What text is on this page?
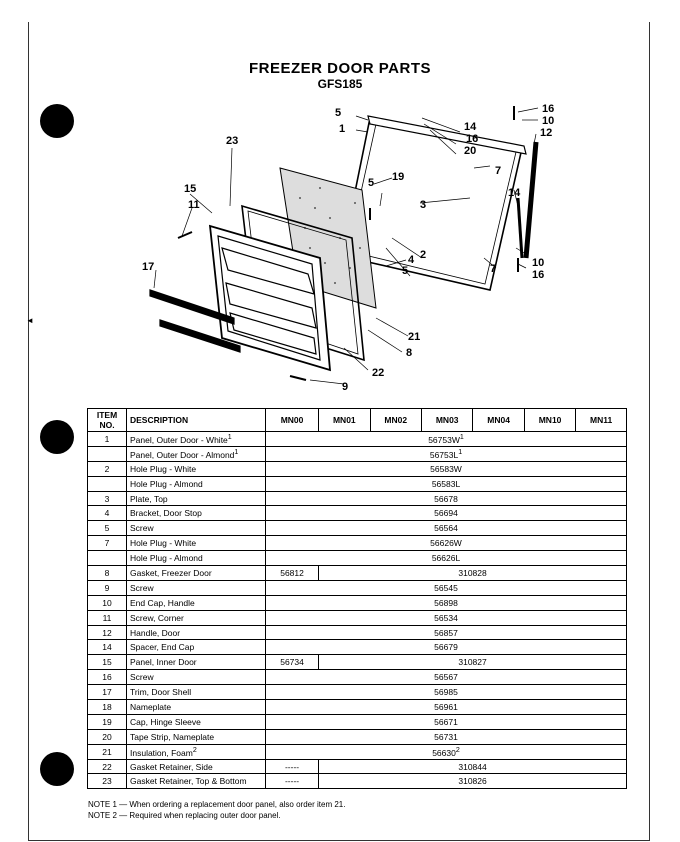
◄
FREEZER DOOR PARTS
GFS185
23
15
11
17
5
1
5 19
3
2
4
5
7
7
21
8
22
9
14
16
20
16
10
12
14
10
16
ITEM NO.	DESCRIPTION	MN00	MN01	MN02	MN03	MN04	MN10	MN11
1	Panel, Outer Door - White$^1$	$56753W^1$
	Panel, Outer Door - Almond$^1$	$56753L^1$
2	Hole Plug - White	56583W						
	Hole Plug - Almond	56583L						
3	Plate, Top	56678						
4	Bracket, Door Stop	56694						
5	Screw	56564						
7	Hole Plug - White	56626W						
	Hole Plug - Almond	56626L						
8	Gasket, Freezer Door	56812	310828					
9	Screw	56545						
10	End Cap, Handle	56898						
11	Screw, Corner	56534						
12	Handle, Door	56857						
14	Spacer, End Cap	56679						
15	Panel, Inner Door	56734	310827					
16	Screw	56567						
17	Trim, Door Shell	56985						
18	Nameplate	56961						
19	Cap, Hinge Sleeve	56671						
20	Tape Strip, Nameplate	56731						
21	Insulation, Foam$^2$	56630$^2$
22	Gasket Retainer, Side	-----	310844					
23	Gasket Retainer, Top & Bottom	-----	310826					
NOTE 1 — When ordering a replacement door panel, also order item 21.
NOTE 2 — Required when replacing outer door panel.
